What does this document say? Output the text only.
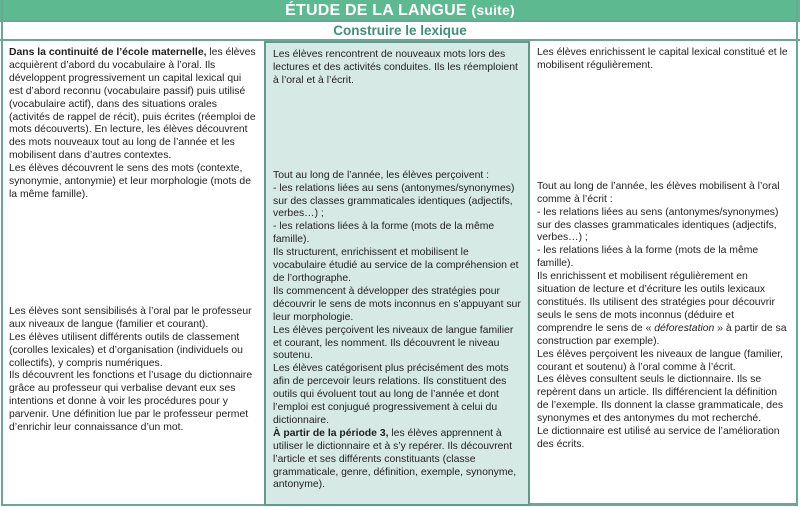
ÉTUDE DE LA LANGUE (suite)
Construire le lexique

Dans la continuité de l’école maternelle, les élèves acquièrent d’abord du vocabulaire à l’oral. Ils développent progressivement un capital lexical qui est d’abord reconnu (vocabulaire passif) puis utilisé (vocabulaire actif), dans des situations orales (activités de rappel de récit), puis écrites (réemploi de mots découverts). En lecture, les élèves découvrent des mots nouveaux tout au long de l’année et les mobilisent dans d’autres contextes.

Les élèves découvrent le sens des mots (contexte, synonymie, antonymie) et leur morphologie (mots de la même famille).

Les élèves sont sensibilisés à l’oral par le professeur aux niveaux de langue (familier et courant).

Les élèves utilisent différents outils de classement (corolles lexicales) et d’organisation (individuels ou collectifs), y compris numériques.

Ils découvrent les fonctions et l’usage du dictionnaire grâce au professeur qui verbalise devant eux ses intentions et donne à voir les procédures pour y parvenir. Une définition lue par le professeur permet d’enrichir leur connaissance d’un mot.

Les élèves rencontrent de nouveaux mots lors des lectures et des activités conduites. Ils les réemploient à l’oral et à l’écrit.

Tout au long de l’année, les élèves perçoivent :

- les relations liées au sens (antonymes/synonymes) sur des classes grammaticales identiques (adjectifs, verbes…) ;

- les relations liées à la forme (mots de la même famille).

Ils structurent, enrichissent et mobilisent le vocabulaire étudié au service de la compréhension et de l’orthographe.

Ils commencent à développer des stratégies pour découvrir le sens de mots inconnus en s’appuyant sur leur morphologie.

Les élèves perçoivent les niveaux de langue familier et courant, les nomment. Ils découvrent le niveau soutenu.

Les élèves catégorisent plus précisément des mots afin de percevoir leurs relations. Ils constituent des outils qui évoluent tout au long de l’année et dont l’emploi est conjugué progressivement à celui du dictionnaire.

À partir de la période 3, les élèves apprennent à utiliser le dictionnaire et à s’y repérer. Ils découvrent l’article et ses différents constituants (classe grammaticale, genre, définition, exemple, synonyme, antonyme).

Les élèves enrichissent le capital lexical constitué et le mobilisent régulièrement.

Tout au long de l’année, les élèves mobilisent à l’oral comme à l’écrit :

- les relations liées au sens (antonymes/synonymes) sur des classes grammaticales identiques (adjectifs, verbes…) ;

- les relations liées à la forme (mots de la même famille).

Ils enrichissent et mobilisent régulièrement en situation de lecture et d’écriture les outils lexicaux constitués. Ils utilisent des stratégies pour découvrir seuls le sens de mots inconnus (déduire et comprendre le sens de « déforestation » à partir de sa construction par exemple).

Les élèves perçoivent les niveaux de langue (familier, courant et soutenu) à l’oral comme à l’écrit.

Les élèves consultent seuls le dictionnaire. Ils se repèrent dans un article. Ils différencient la définition de l’exemple. Ils donnent la classe grammaticale, des synonymes et des antonymes du mot recherché.

Le dictionnaire est utilisé au service de l’amélioration des écrits.
